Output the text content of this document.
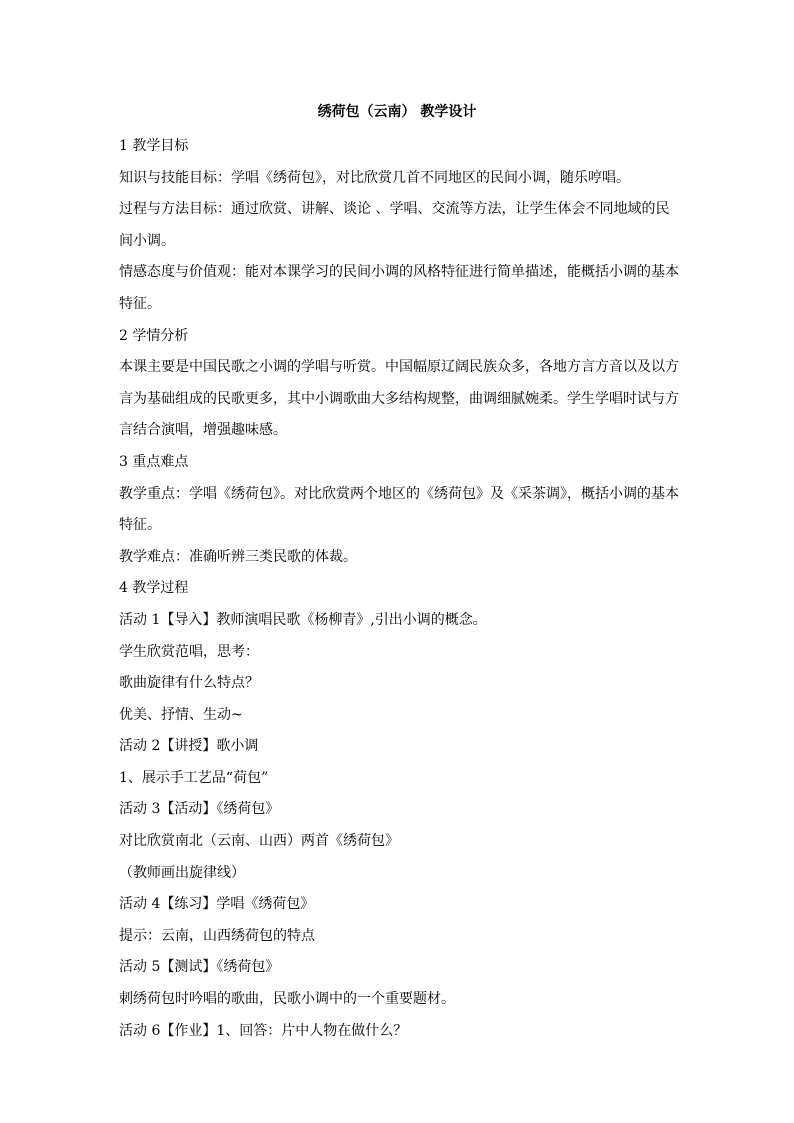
绣荷包（云南） 教学设计

1 教学目标

知识与技能目标：学唱《绣荷包》，对比欣赏几首不同地区的民间小调，随乐哼唱。

过程与方法目标：通过欣赏、讲解、谈论 、学唱、交流等方法，让学生体会不同地域的民间小调。

情感态度与价值观：能对本课学习的民间小调的风格特征进行简单描述，能概括小调的基本特征。

2 学情分析

本课主要是中国民歌之小调的学唱与听赏。中国幅原辽阔民族众多，各地方言方音以及以方言为基础组成的民歌更多，其中小调歌曲大多结构规整，曲调细腻婉柔。学生学唱时试与方言结合演唱，增强趣味感。

3 重点难点

教学重点：学唱《绣荷包》。对比欣赏两个地区的《绣荷包》及《采茶调》，概括小调的基本特征。

教学难点：准确听辨三类民歌的体裁。

4 教学过程

活动 1【导入】教师演唱民歌《杨柳青》,引出小调的概念。

学生欣赏范唱，思考：

歌曲旋律有什么特点？

优美、抒情、生动~

活动 2【讲授】歌小调

1、展示手工艺品“荷包”

活动 3【活动】《绣荷包》

对比欣赏南北（云南、山西）两首《绣荷包》

（教师画出旋律线）

活动 4【练习】学唱《绣荷包》

提示：云南，山西绣荷包的特点

活动 5【测试】《绣荷包》

刺绣荷包时吟唱的歌曲，民歌小调中的一个重要题材。

活动 6【作业】1、回答：片中人物在做什么？
